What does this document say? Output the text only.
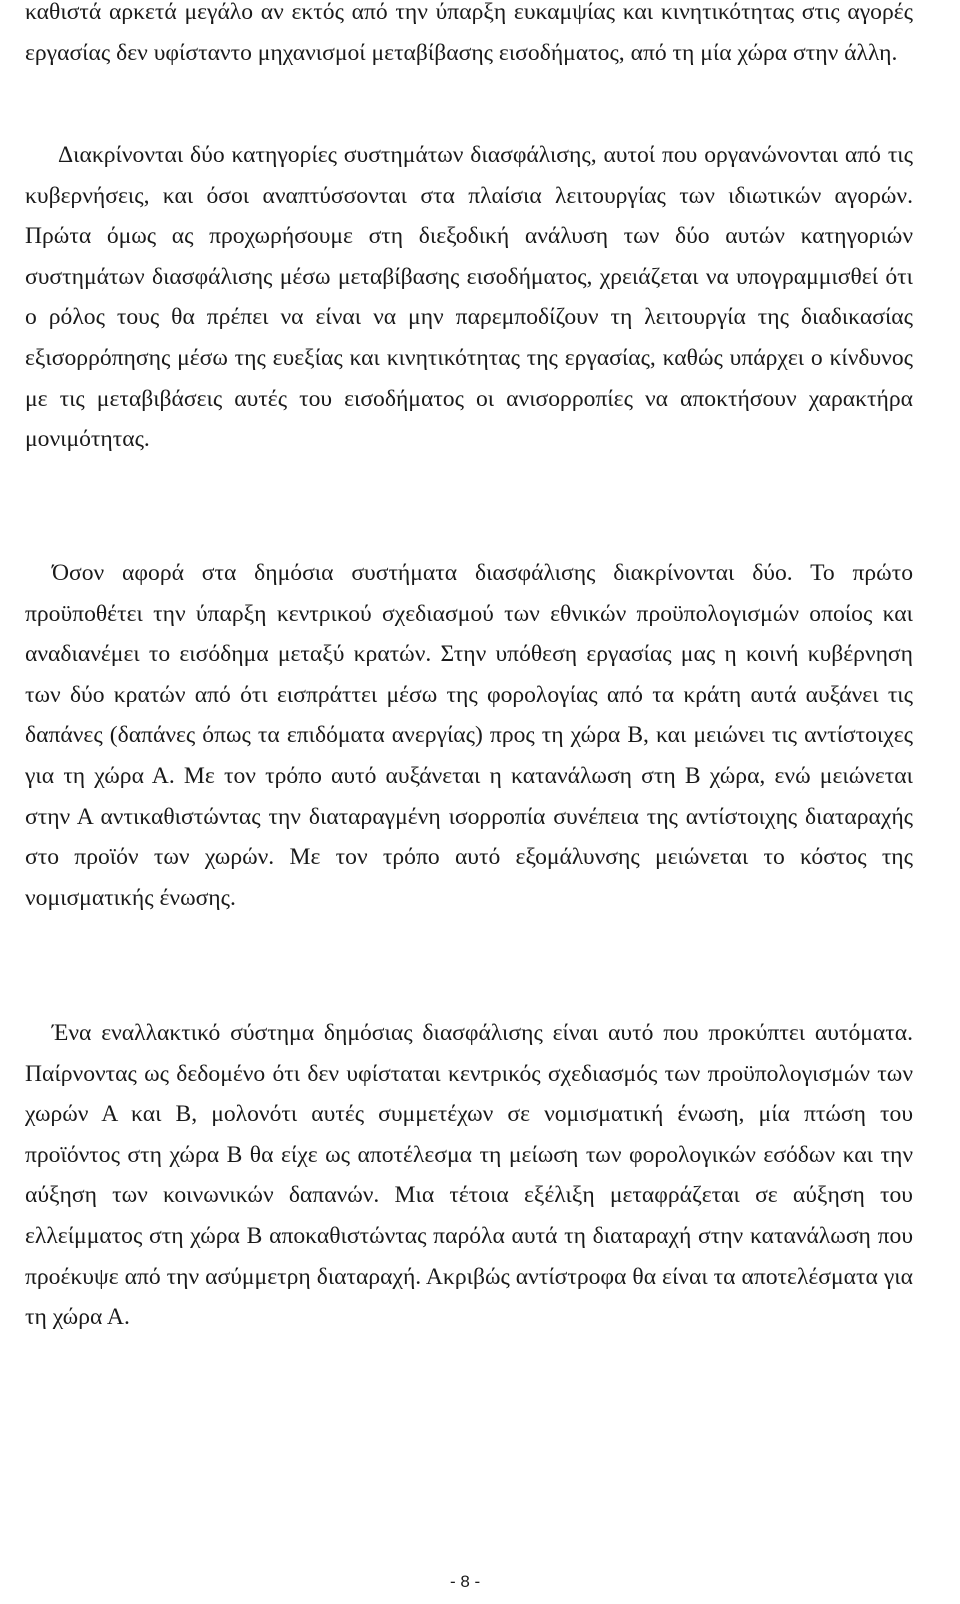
καθιστά αρκετά μεγάλο αν εκτός από την ύπαρξη ευκαμψίας και κινητικότητας στις αγορές εργασίας δεν υφίσταντο μηχανισμοί μεταβίβασης εισοδήματος, από τη μία χώρα στην άλλη.

Διακρίνονται δύο κατηγορίες συστημάτων διασφάλισης, αυτοί που οργανώνονται από τις κυβερνήσεις, και όσοι αναπτύσσονται στα πλαίσια λειτουργίας των ιδιωτικών αγορών. Πρώτα όμως ας προχωρήσουμε στη διεξοδική ανάλυση των δύο αυτών κατηγοριών συστημάτων διασφάλισης μέσω μεταβίβασης εισοδήματος, χρειάζεται να υπογραμμισθεί ότι ο ρόλος τους θα πρέπει να είναι να μην παρεμποδίζουν τη λειτουργία της διαδικασίας εξισορρόπησης μέσω της ευεξίας και κινητικότητας της εργασίας, καθώς υπάρχει ο κίνδυνος με τις μεταβιβάσεις αυτές του εισοδήματος οι ανισορροπίες να αποκτήσουν χαρακτήρα μονιμότητας.

Όσον αφορά στα δημόσια συστήματα διασφάλισης διακρίνονται δύο. Το πρώτο προϋποθέτει την ύπαρξη κεντρικού σχεδιασμού των εθνικών προϋπολογισμών οποίος και αναδιανέμει το εισόδημα μεταξύ κρατών. Στην υπόθεση εργασίας μας η κοινή κυβέρνηση των δύο κρατών από ότι εισπράττει μέσω της φορολογίας από τα κράτη αυτά αυξάνει τις δαπάνες (δαπάνες όπως τα επιδόματα ανεργίας) προς τη χώρα Β, και μειώνει τις αντίστοιχες για τη χώρα Α. Με τον τρόπο αυτό αυξάνεται η κατανάλωση στη Β χώρα, ενώ μειώνεται στην Α αντικαθιστώντας την διαταραγμένη ισορροπία συνέπεια της αντίστοιχης διαταραχής στο προϊόν των χωρών. Με τον τρόπο αυτό εξομάλυνσης μειώνεται το κόστος της νομισματικής ένωσης.

Ένα εναλλακτικό σύστημα δημόσιας διασφάλισης είναι αυτό που προκύπτει αυτόματα. Παίρνοντας ως δεδομένο ότι δεν υφίσταται κεντρικός σχεδιασμός των προϋπολογισμών των χωρών Α και Β, μολονότι αυτές συμμετέχων σε νομισματική ένωση, μία πτώση του προϊόντος στη χώρα Β θα είχε ως αποτέλεσμα τη μείωση των φορολογικών εσόδων και την αύξηση των κοινωνικών δαπανών. Μια τέτοια εξέλιξη μεταφράζεται σε αύξηση του ελλείμματος στη χώρα Β αποκαθιστώντας παρόλα αυτά τη διαταραχή στην κατανάλωση που προέκυψε από την ασύμμετρη διαταραχή. Ακριβώς αντίστροφα θα είναι τα αποτελέσματα για τη χώρα Α.

- 8 -
